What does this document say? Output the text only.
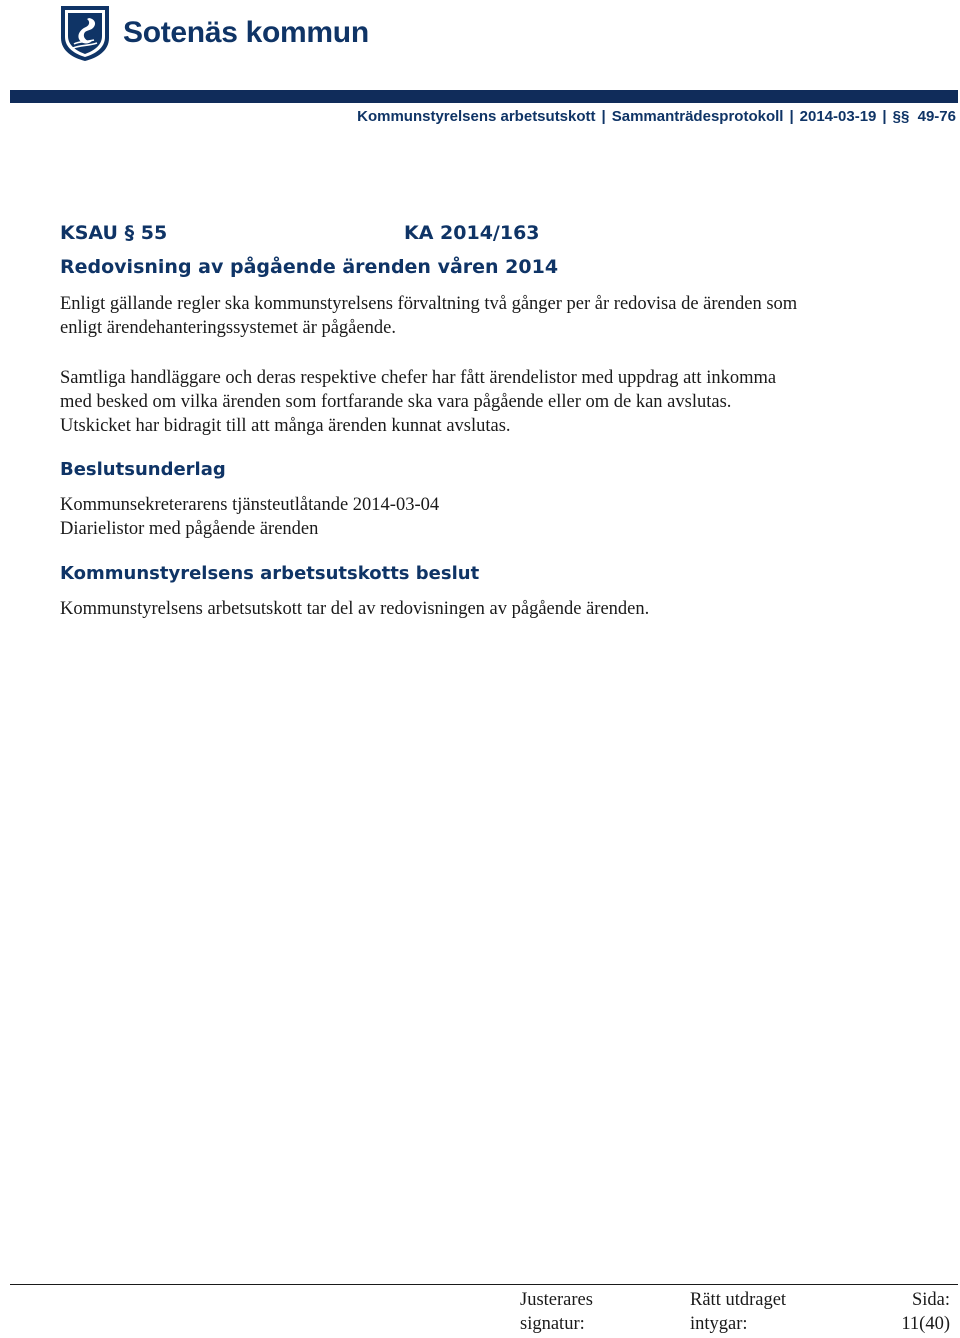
Sotenäs kommun
Kommunstyrelsens arbetsutskott | Sammanträdesprotokoll | 2014-03-19 | §§ 49-76
KSAU § 55	KA 2014/163
Redovisning av pågående ärenden våren 2014

Enligt gällande regler ska kommunstyrelsens förvaltning två gånger per år redovisa de ärenden som
enligt ärendehanteringssystemet är pågående.

Samtliga handläggare och deras respektive chefer har fått ärendelistor med uppdrag att inkomma
med besked om vilka ärenden som fortfarande ska vara pågående eller om de kan avslutas.
Utskicket har bidragit till att många ärenden kunnat avslutas.

Beslutsunderlag
Kommunsekreterarens tjänsteutlåtande 2014-03-04
Diarielistor med pågående ärenden
Kommunstyrelsens arbetsutskotts beslut

Kommunstyrelsens arbetsutskott tar del av redovisningen av pågående ärenden.

Justerares
signatur:
Rätt utdraget
intygar:
Sida:
11(40)
